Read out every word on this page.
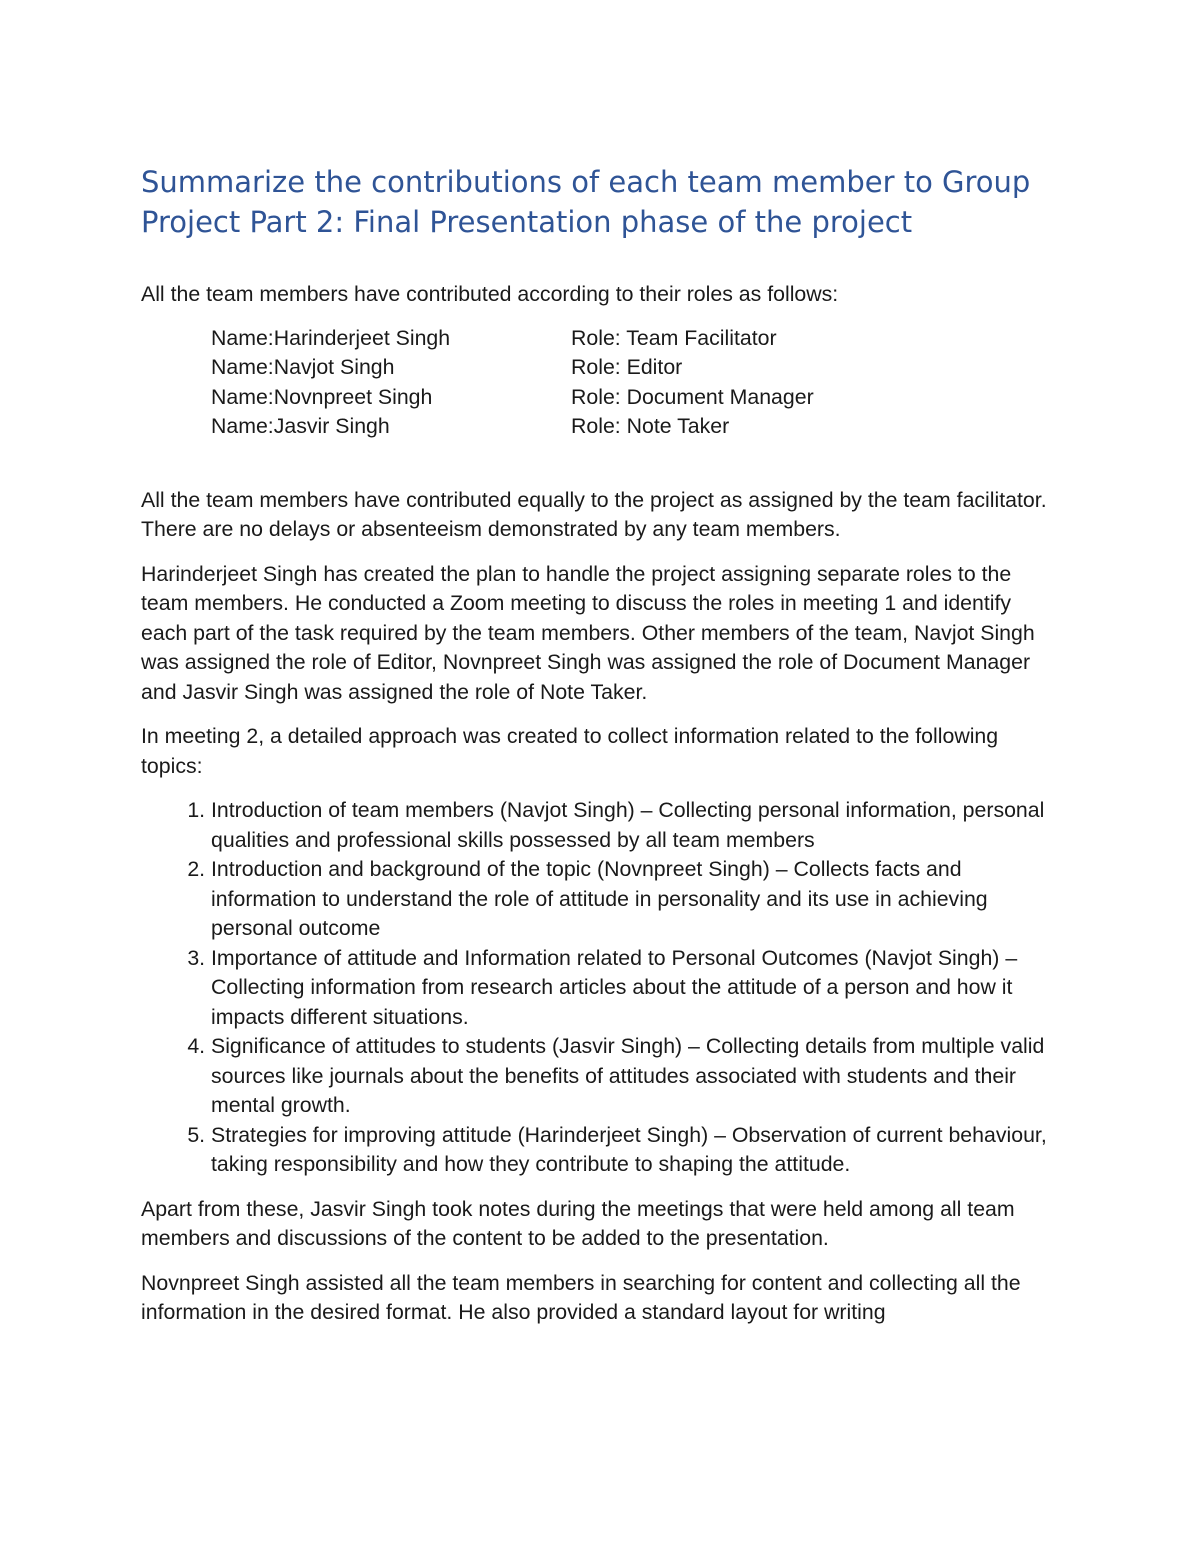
Summarize the contributions of each team member to Group Project Part 2: Final Presentation phase of the project

All the team members have contributed according to their roles as follows:

Name:Harinderjeet Singh	Role: Team Facilitator
Name:Navjot Singh	Role: Editor
Name:Novnpreet Singh	Role: Document Manager
Name:Jasvir Singh	Role: Note Taker

All the team members have contributed equally to the project as assigned by the team facilitator. There are no delays or absenteeism demonstrated by any team members.

Harinderjeet Singh has created the plan to handle the project assigning separate roles to the team members. He conducted a Zoom meeting to discuss the roles in meeting 1 and identify each part of the task required by the team members. Other members of the team, Navjot Singh was assigned the role of Editor, Novnpreet Singh was assigned the role of Document Manager and Jasvir Singh was assigned the role of Note Taker.

In meeting 2, a detailed approach was created to collect information related to the following topics:

1. Introduction of team members (Navjot Singh) – Collecting personal information, personal qualities and professional skills possessed by all team members
2. Introduction and background of the topic (Novnpreet Singh) – Collects facts and information to understand the role of attitude in personality and its use in achieving personal outcome
3. Importance of attitude and Information related to Personal Outcomes (Navjot Singh) – Collecting information from research articles about the attitude of a person and how it impacts different situations.
4. Significance of attitudes to students (Jasvir Singh) – Collecting details from multiple valid sources like journals about the benefits of attitudes associated with students and their mental growth.
5. Strategies for improving attitude (Harinderjeet Singh) – Observation of current behaviour, taking responsibility and how they contribute to shaping the attitude.

Apart from these, Jasvir Singh took notes during the meetings that were held among all team members and discussions of the content to be added to the presentation.

Novnpreet Singh assisted all the team members in searching for content and collecting all the information in the desired format. He also provided a standard layout for writing
